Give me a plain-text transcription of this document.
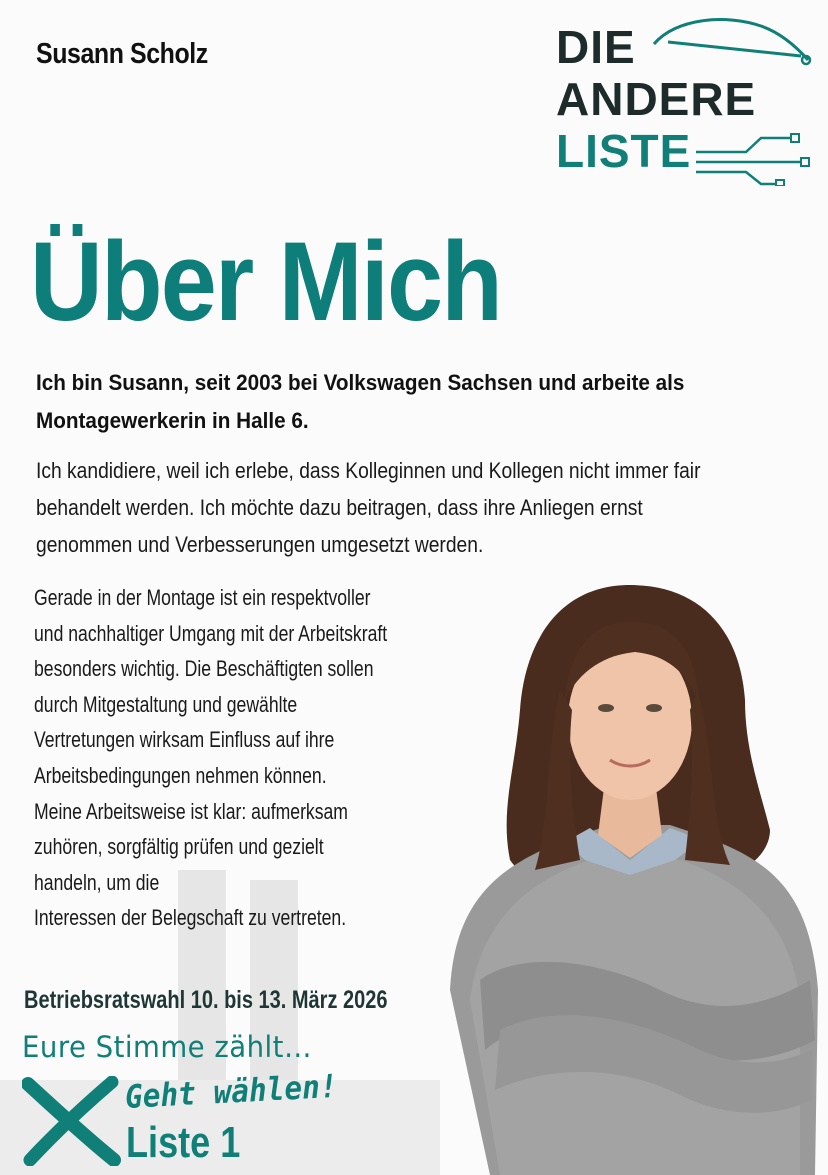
Susann Scholz	DIE
ANDERE
LISTE
Über Mich
Ich bin Susann, seit 2003 bei Volkswagen Sachsen und arbeite als Montagewerkerin in Halle 6.
Ich kandidiere, weil ich erlebe, dass Kolleginnen und Kollegen nicht immer fair behandelt werden. Ich möchte dazu beitragen, dass ihre Anliegen ernst genommen und Verbesserungen umgesetzt werden.
Gerade in der Montage ist ein respektvoller
und nachhaltiger Umgang mit der Arbeitskraft
besonders wichtig. Die Beschäftigten sollen
durch Mitgestaltung und gewählte
Vertretungen wirksam Einfluss auf ihre
Arbeitsbedingungen nehmen können.
Meine Arbeitsweise ist klar: aufmerksam
zuhören, sorgfältig prüfen und gezielt
handeln, um die
Interessen der Belegschaft zu vertreten.
Betriebsratswahl 10. bis 13. März 2026
Eure Stimme zählt…
Geht wählen!
Liste 1
